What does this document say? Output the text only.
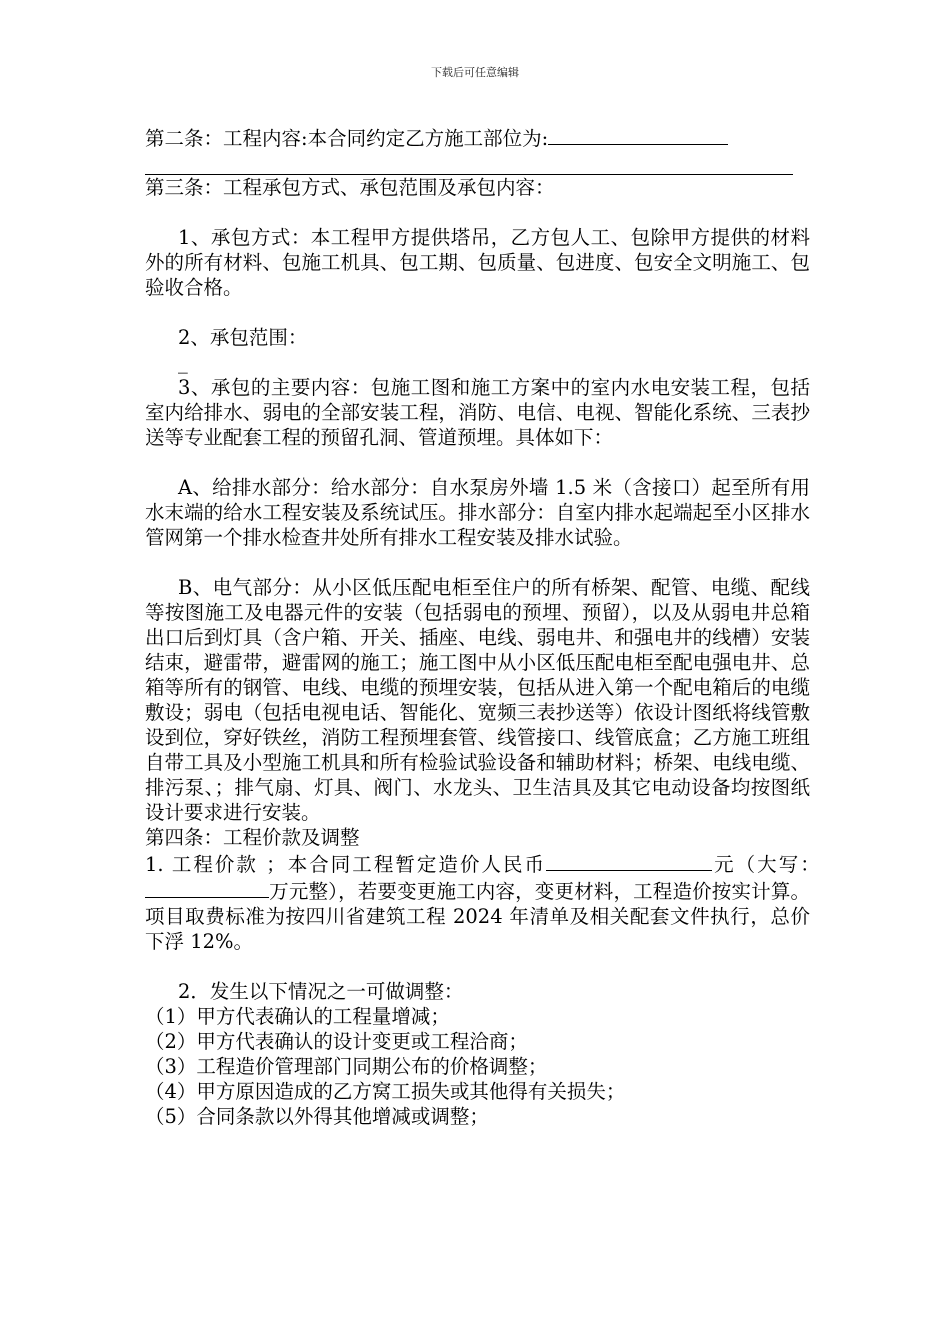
下载后可任意编辑

第二条：工程内容:本合同约定乙方施工部位为:

第三条：工程承包方式、承包范围及承包内容：

1、承包方式：本工程甲方提供塔吊，乙方包人工、包除甲方提供的材料外的所有材料、包施工机具、包工期、包质量、包进度、包安全文明施工、包验收合格。

2、承包范围：

_

3、承包的主要内容：包施工图和施工方案中的室内水电安装工程，包括室内给排水、弱电的全部安装工程，消防、电信、电视、智能化系统、三表抄送等专业配套工程的预留孔洞、管道预埋。具体如下：

A、给排水部分：给水部分：自水泵房外墙 1.5 米（含接口）起至所有用水末端的给水工程安装及系统试压。排水部分：自室内排水起端起至小区排水管网第一个排水检查井处所有排水工程安装及排水试验。

B、电气部分：从小区低压配电柜至住户的所有桥架、配管、电缆、配线等按图施工及电器元件的安装（包括弱电的预埋、预留），以及从弱电井总箱出口后到灯具（含户箱、开关、插座、电线、弱电井、和强电井的线槽）安装结束，避雷带，避雷网的施工；施工图中从小区低压配电柜至配电强电井、总箱等所有的钢管、电线、电缆的预埋安装，包括从进入第一个配电箱后的电缆敷设；弱电（包括电视电话、智能化、宽频三表抄送等）依设计图纸将线管敷设到位，穿好铁丝，消防工程预埋套管、线管接口、线管底盒；乙方施工班组自带工具及小型施工机具和所有检验试验设备和辅助材料；桥架、电线电缆、排污泵、；排气扇、灯具、阀门、水龙头、卫生洁具及其它电动设备均按图纸设计要求进行安装。

第四条：工程价款及调整

1. 工程价款 ；本合同工程暂定造价人民币	元（大写：　万元整），若要变更施工内容，变更材料，工程造价按实计算。项目取费标准为按四川省建筑工程 2024 年清单及相关配套文件执行，总价下浮 12%。

2．发生以下情况之一可做调整：

（1）甲方代表确认的工程量增减；

（2）甲方代表确认的设计变更或工程洽商；

（3）工程造价管理部门同期公布的价格调整；

（4）甲方原因造成的乙方窝工损失或其他得有关损失；

（5）合同条款以外得其他增减或调整；
